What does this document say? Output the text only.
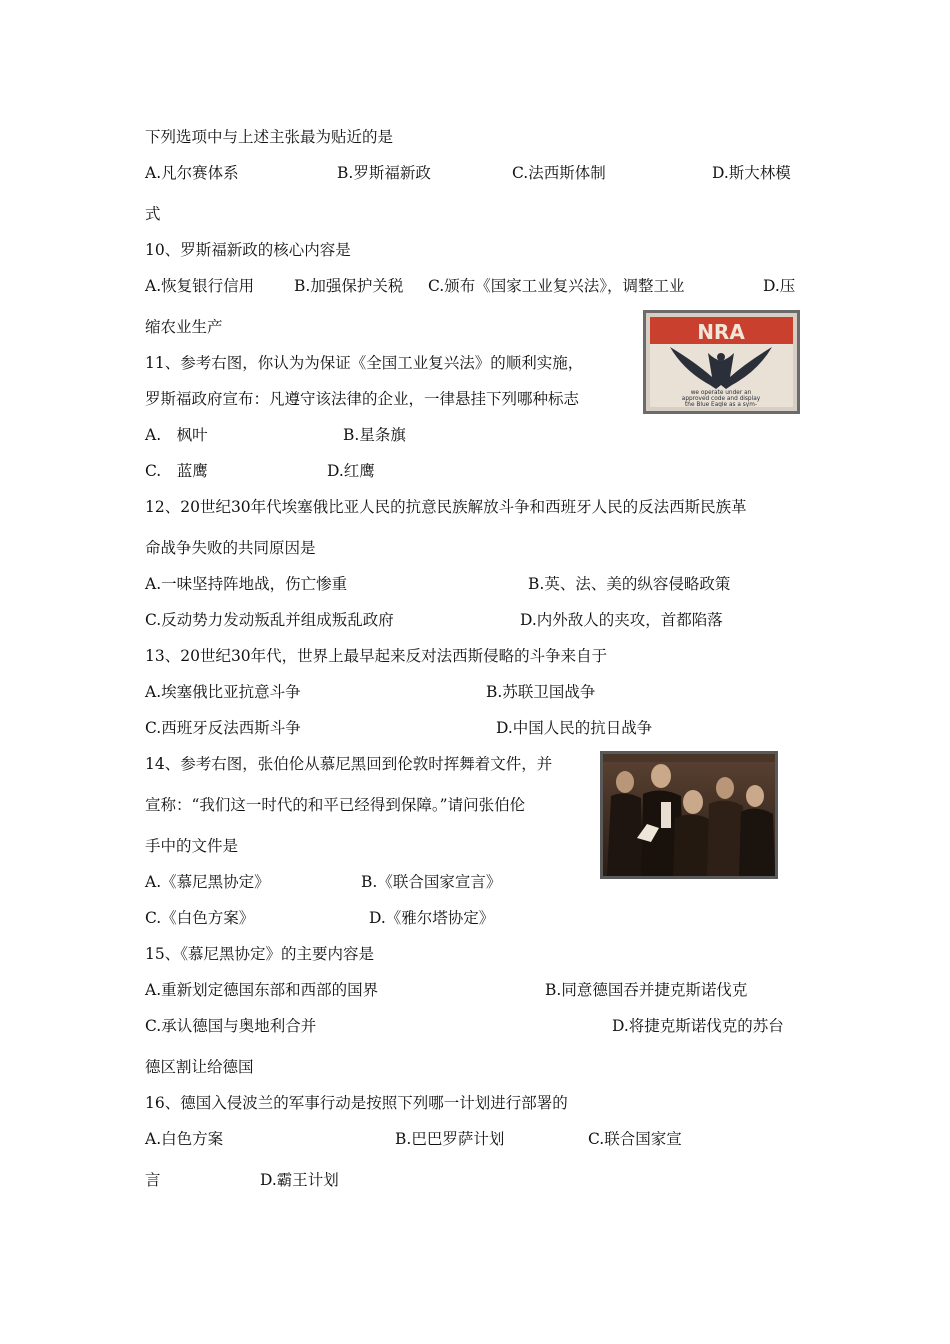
下列选项中与上述主张最为贴近的是
A.凡尔赛体系	B.罗斯福新政	C.法西斯体制	D.斯大林模
式
10、罗斯福新政的核心内容是
A.恢复银行信用	B.加强保护关税 C.颁布《国家工业复兴法》，调整工业	D.压
缩农业生产
11、参考右图，你认为为保证《全国工业复兴法》的顺利实施，
罗斯福政府宣布：凡遵守该法律的企业，一律悬挂下列哪种标志
A.　枫叶	B.星条旗
C.　蓝鹰	D.红鹰
12、20世纪30年代埃塞俄比亚人民的抗意民族解放斗争和西班牙人民的反法西斯民族革
命战争失败的共同原因是
A.一味坚持阵地战，伤亡惨重	B.英、法、美的纵容侵略政策
C.反动势力发动叛乱并组成叛乱政府	D.内外敌人的夹攻，首都陷落
13、20世纪30年代，世界上最早起来反对法西斯侵略的斗争来自于
A.埃塞俄比亚抗意斗争	B.苏联卫国战争
C.西班牙反法西斯斗争	D.中国人民的抗日战争
14、参考右图，张伯伦从慕尼黑回到伦敦时挥舞着文件，并
宣称：“我们这一时代的和平已经得到保障。”请问张伯伦
手中的文件是
A.《慕尼黑协定》	B.《联合国家宣言》
C.《白色方案》	D.《雅尔塔协定》
15、《慕尼黑协定》的主要内容是
A.重新划定德国东部和西部的国界	B.同意德国吞并捷克斯诺伐克
C.承认德国与奥地利合并	D.将捷克斯诺伐克的苏台
德区割让给德国
16、德国入侵波兰的军事行动是按照下列哪一计划进行部署的
A.白色方案	B.巴巴罗萨计划	C.联合国家宣
言	D.霸王计划
NRA
we operate under an
approved code and display
the Blue Eagle as a sym-
